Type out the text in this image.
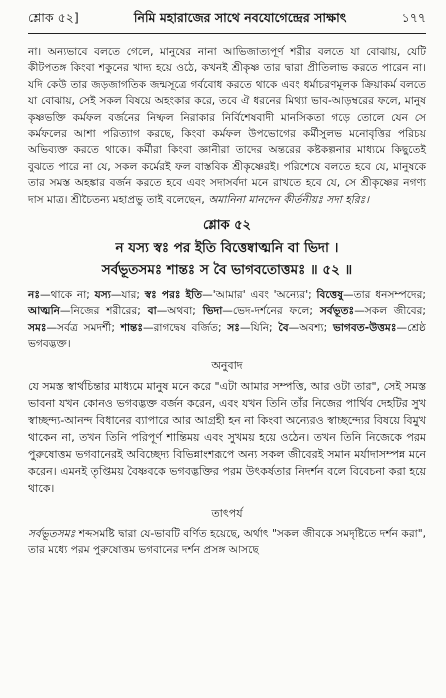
শ্লোক ৫২]	নিমি মহারাজের সাথে নবযোগেন্দ্রের সাক্ষাৎ	১৭৭

না। অন্যভাবে বলতে গেলে, মানুষের নানা আভিজাত্যপূর্ণ শরীর বলতে যা বোঝায়, যেটি কীটপতঙ্গ কিংবা শকুনের খাদ্য হয়ে ওঠে, কখনই শ্রীকৃষ্ণ তার দ্বারা প্রীতিলাভ করতে পারেন না। যদি কেউ তার জড়জাগতিক জন্মসূত্রে গর্ববোধ করতে থাকে এবং ধর্মাচরণমূলক ক্রিয়াকর্ম বলতে যা বোঝায়, সেই সকল বিষয়ে অহংকার করে, তবে ঐ ধরনের মিথ্যা ভাব-আড়ম্বরের ফলে, মানুষ কৃষ্ণভক্তি কর্মফল বর্জনের নিষ্ফল নিরাকার নির্বিশেষবাদী মানসিকতা গড়ে তোলে যেন সে কর্মফলের আশা পরিত্যাগ করছে, কিংবা কর্মফল উপভোগের কর্মীসুলভ মনোবৃত্তির পরিচয় অভিব্যক্ত করতে থাকে। কর্মীরা কিংবা জ্ঞানীরা তাদের অন্তরের কষ্টকল্পনার মাধ্যমে কিছুতেই বুঝতে পারে না যে, সকল কর্মেরই ফল বাস্তবিক শ্রীকৃষ্ণেরই। পরিশেষে বলতে হবে যে, মানুষকে তার সমস্ত অহঙ্কার বর্জন করতে হবে এবং সদাসর্বদা মনে রাখতে হবে যে, সে শ্রীকৃষ্ণের নগণ্য দাস মাত্র। শ্রীচৈতন্য মহাপ্রভু তাই বলেছেন, অমানিনা মানদেন কীর্তনীয়ঃ সদা হরিঃ।

শ্লোক ৫২
ন যস্য স্বঃ পর ইতি বিত্তেষ্বাত্মনি বা ভিদা ।
সর্বভূতসমঃ শান্তঃ স বৈ ভাগবতোত্তমঃ ॥ ৫২ ॥
নঃ—থাকে না; যস্য—যার; স্বঃ পরঃ ইতি—'আমার' এবং 'অন্যের'; বিত্তেষু—তার ধনসম্পদের; আত্মনি—নিজের শরীরের; বা—অথবা; ভিদা—ভেদ-দর্শনের ফলে; সর্বভূতঃ—সকল জীবের; সমঃ—সর্বত্র সমদর্শী; শান্তঃ—রাগদ্বেষ বর্জিত; সঃ—যিনি; বৈ—অবশ্য; ভাগবত-উত্তমঃ—শ্রেষ্ঠ ভগবদ্ভক্ত।
অনুবাদ

যে সমস্ত স্বার্থচিন্তার মাধ্যমে মানুষ মনে করে "এটা আমার সম্পত্তি, আর ওটা তার", সেই সমস্ত ভাবনা যখন কোনও ভগবদ্ভক্ত বর্জন করেন, এবং যখন তিনি তাঁর নিজের পার্থিব দেহটির সুখ স্বাচ্ছন্দ্য-আনন্দ বিধানের ব্যাপারে আর আগ্রহী হন না কিংবা অন্যেরও স্বাচ্ছন্দ্যের বিষয়ে বিমুখ থাকেন না, তখন তিনি পরিপূর্ণ শান্তিময় এবং সুখময় হয়ে ওঠেন। তখন তিনি নিজেকে পরম পুরুষোত্তম ভগবানেরই অবিচ্ছেদ্য বিভিন্নাংশরূপে অন্য সকল জীবেরই সমান মর্যাদাসম্পন্ন মনে করেন। এমনই তৃপ্তিময় বৈষ্ণবকে ভগবদ্ভক্তির পরম উৎকর্ষতার নিদর্শন বলে বিবেচনা করা হয়ে থাকে।

তাৎপর্য

সর্বভূতসমঃ শব্দসমষ্টি দ্বারা যে-ভাবটি বর্ণিত হয়েছে, অর্থাৎ "সকল জীবকে সমদৃষ্টিতে দর্শন করা", তার মধ্যে পরম পুরুষোত্তম ভগবানের দর্শন প্রসঙ্গ আসছে
